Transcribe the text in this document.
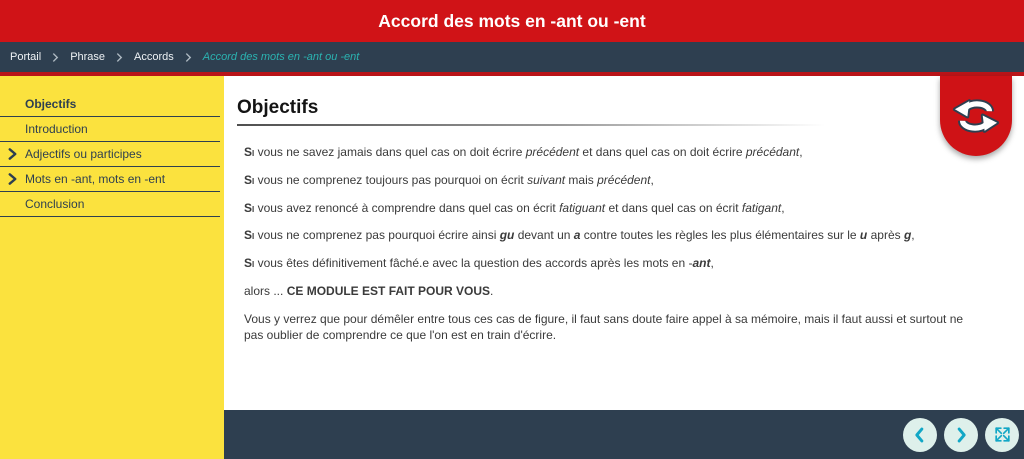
Accord des mots en -ant ou -ent
Portail	Phrase	Accords	Accord des mots en -ant ou -ent
Objectifs
Introduction
Adjectifs ou participes
Mots en -ant, mots en -ent
Conclusion
Objectifs

Si vous ne savez jamais dans quel cas on doit écrire précédent et dans quel cas on doit écrire précédant,

Si vous ne comprenez toujours pas pourquoi on écrit suivant mais précédent,

Si vous avez renoncé à comprendre dans quel cas on écrit fatiguant et dans quel cas on écrit fatigant,

Si vous ne comprenez pas pourquoi écrire ainsi gu devant un a contre toutes les règles les plus élémentaires sur le u après g,

Si vous êtes définitivement fâché.e avec la question des accords après les mots en -ant,

alors ... CE MODULE EST FAIT POUR VOUS.

Vous y verrez que pour démêler entre tous ces cas de figure, il faut sans doute faire appel à sa mémoire, mais il faut aussi et surtout ne pas oublier de comprendre ce que l'on est en train d'écrire.
